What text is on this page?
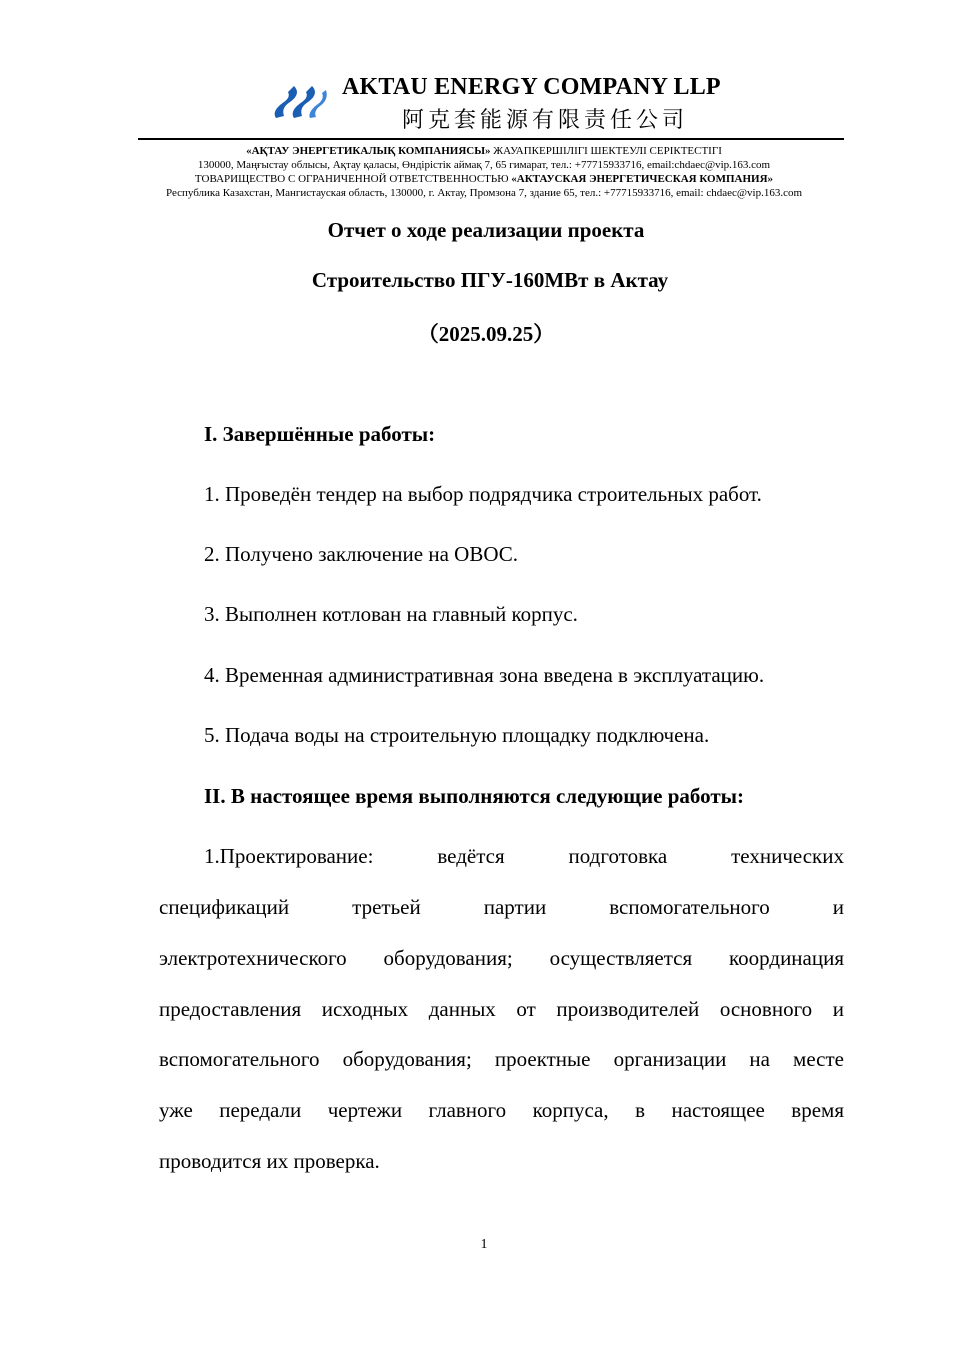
AKTAU ENERGY COMPANY LLP
阿克套能源有限责任公司
«АҚТАУ ЭНЕРГЕТИКАЛЫҚ КОМПАНИЯСЫ» ЖАУАПКЕРШІЛІГІ ШЕКТЕУЛІ СЕРІКТЕСТІГІ
130000, Маңғыстау облысы, Ақтау қаласы, Өндірістік аймақ 7, 65 гимарат, тел.: +77715933716, email:chdaec@vip.163.com
ТОВАРИЩЕСТВО С ОГРАНИЧЕННОЙ ОТВЕТСТВЕННОСТЬЮ «АКТАУСКАЯ ЭНЕРГЕТИЧЕСКАЯ КОМПАНИЯ»
Республика Казахстан, Мангистауская область, 130000, г. Актау, Промзона 7, здание 65, тел.: +77715933716, email: chdaec@vip.163.com
Отчет о ходе реализации проекта
Строительство ПГУ-160МВт в Актау
（2025.09.25）
I. Завершённые работы:
1. Проведён тендер на выбор подрядчика строительных работ.
2. Получено заключение на ОВОС.
3. Выполнен котлован на главный корпус.
4. Временная административная зона введена в эксплуатацию.
5. Подача воды на строительную площадку подключена.
II. В настоящее время выполняются следующие работы:
1.Проектирование: ведётся подготовка технических
спецификаций третьей партии вспомогательного и
электротехнического оборудования; осуществляется координация
предоставления исходных данных от производителей основного и
вспомогательного оборудования; проектные организации на месте
уже передали чертежи главного корпуса, в настоящее время
проводится их проверка.
1
